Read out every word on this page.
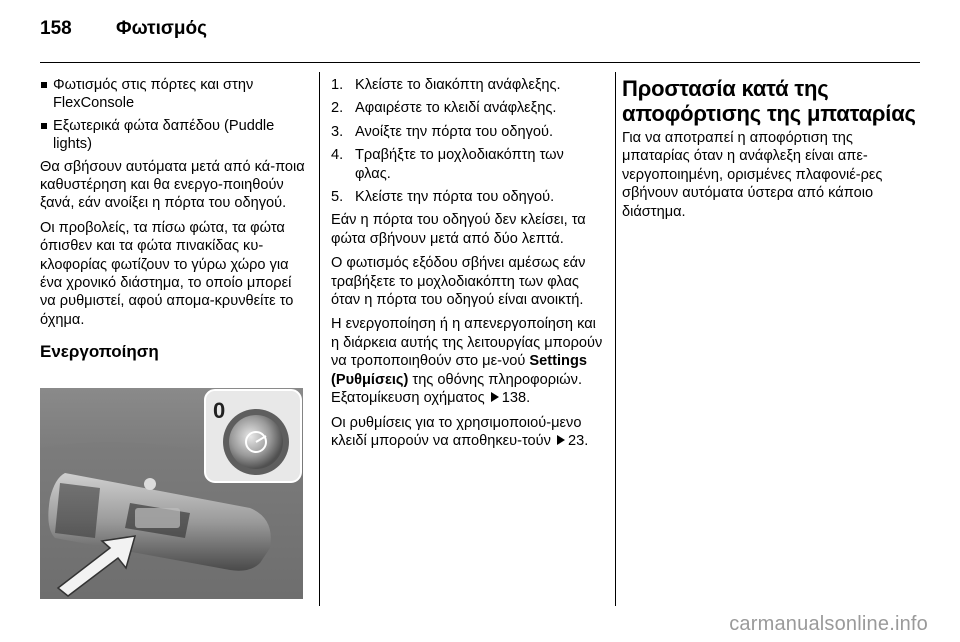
158	Φωτισμός
Φωτισμός στις πόρτες και στην FlexConsole
Εξωτερικά φώτα δαπέδου (Puddle lights)

Θα σβήσουν αυτόματα μετά από κά-ποια καθυστέρηση και θα ενεργο-ποιηθούν ξανά, εάν ανοίξει η πόρτα του οδηγού.

Οι προβολείς, τα πίσω φώτα, τα φώτα όπισθεν και τα φώτα πινακίδας κυ-κλοφορίας φωτίζουν το γύρω χώρο για ένα χρονικό διάστημα, το οποίο μπορεί να ρυθμιστεί, αφού απομα-κρυνθείτε το όχημα.

Ενεργοποίηση
0
1. Κλείστε το διακόπτη ανάφλεξης.
2. Αφαιρέστε το κλειδί ανάφλεξης.
3. Ανοίξτε την πόρτα του οδηγού.
4. Τραβήξτε το μοχλοδιακόπτη των φλας.
5. Κλείστε την πόρτα του οδηγού.

Εάν η πόρτα του οδηγού δεν κλείσει, τα φώτα σβήνουν μετά από δύο λεπτά.

Ο φωτισμός εξόδου σβήνει αμέσως εάν τραβήξετε το μοχλοδιακόπτη των φλας όταν η πόρτα του οδηγού είναι ανοικτή.

Η ενεργοποίηση ή η απενεργοποίηση και η διάρκεια αυτής της λειτουργίας μπορούν να τροποποιηθούν στο με-νού Settings (Ρυθμίσεις) της οθόνης πληροφοριών. Εξατομίκευση οχήματος 138.

Οι ρυθμίσεις για το χρησιμοποιού-μενο κλειδί μπορούν να αποθηκευ-τούν 23.

Προστασία κατά της αποφόρτισης της μπαταρίας

Για να αποτραπεί η αποφόρτιση της μπαταρίας όταν η ανάφλεξη είναι απε-νεργοποιημένη, ορισμένες πλαφονιέ-ρες σβήνουν αυτόματα ύστερα από κάποιο διάστημα.

carmanualsonline.info
